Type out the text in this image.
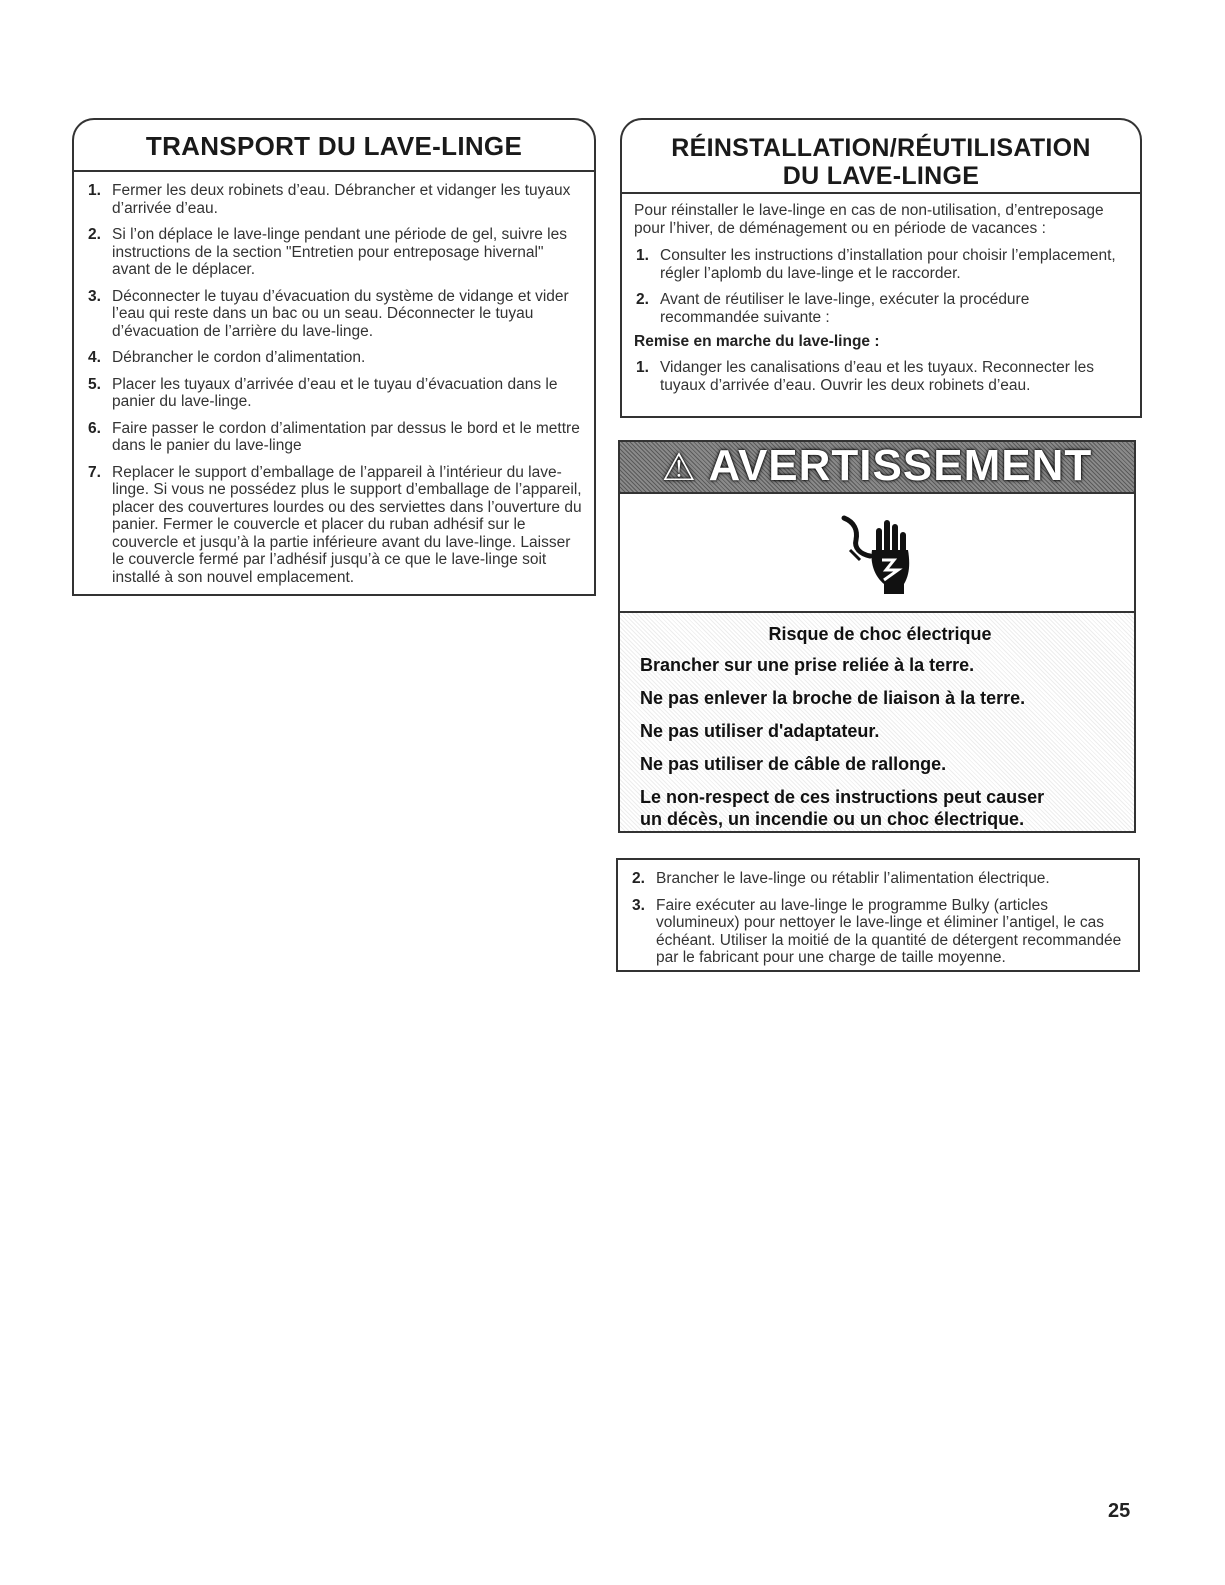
TRANSPORT DU LAVE-LINGE
1. Fermer les deux robinets d’eau. Débrancher et vidanger les tuyaux d’arrivée d’eau.
2. Si l’on déplace le lave-linge pendant une période de gel, suivre les instructions de la section "Entretien pour entreposage hivernal" avant de le déplacer.
3. Déconnecter le tuyau d’évacuation du système de vidange et vider l’eau qui reste dans un bac ou un seau. Déconnecter le tuyau d’évacuation de l’arrière du lave-linge.
4. Débrancher le cordon d’alimentation.
5. Placer les tuyaux d’arrivée d’eau et le tuyau d’évacuation dans le panier du lave-linge.
6. Faire passer le cordon d’alimentation par dessus le bord et le mettre dans le panier du lave-linge
7. Replacer le support d’emballage de l’appareil à l’intérieur du lave-linge. Si vous ne possédez plus le support d’emballage de l’appareil, placer des couvertures lourdes ou des serviettes dans l’ouverture du panier. Fermer le couvercle et placer du ruban adhésif sur le couvercle et jusqu’à la partie inférieure avant du lave-linge. Laisser le couvercle fermé par l’adhésif jusqu’à ce que le lave-linge soit installé à son nouvel emplacement.
RÉINSTALLATION/RÉUTILISATION
DU LAVE-LINGE
Pour réinstaller le lave-linge en cas de non-utilisation, d’entreposage pour l’hiver, de déménagement ou en période de vacances :
1. Consulter les instructions d’installation pour choisir l’emplacement, régler l’aplomb du lave-linge et le raccorder.
2. Avant de réutiliser le lave-linge, exécuter la procédure recommandée suivante :
Remise en marche du lave-linge :
1. Vidanger les canalisations d’eau et les tuyaux. Reconnecter les tuyaux d’arrivée d’eau. Ouvrir les deux robinets d’eau.
⚠ AVERTISSEMENT
Risque de choc électrique
Brancher sur une prise reliée à la terre.
Ne pas enlever la broche de liaison à la terre.
Ne pas utiliser d'adaptateur.
Ne pas utiliser de câble de rallonge.
Le non-respect de ces instructions peut causer un décès, un incendie ou un choc électrique.
2. Brancher le lave-linge ou rétablir l’alimentation électrique.
3. Faire exécuter au lave-linge le programme Bulky (articles volumineux) pour nettoyer le lave-linge et éliminer l’antigel, le cas échéant. Utiliser la moitié de la quantité de détergent recommandée par le fabricant pour une charge de taille moyenne.
25
